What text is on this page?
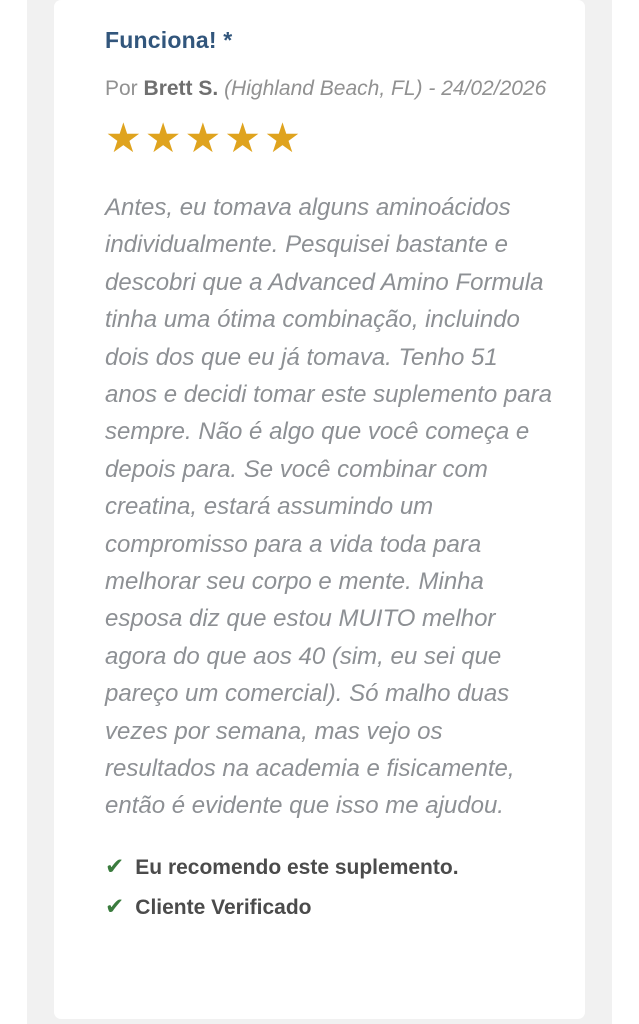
Funciona! *

Por Brett S. (Highland Beach, FL) - 24/02/2026

★★★★★

Antes, eu tomava alguns aminoácidos individualmente. Pesquisei bastante e descobri que a Advanced Amino Formula tinha uma ótima combinação, incluindo dois dos que eu já tomava. Tenho 51 anos e decidi tomar este suplemento para sempre. Não é algo que você começa e depois para. Se você combinar com creatina, estará assumindo um compromisso para a vida toda para melhorar seu corpo e mente. Minha esposa diz que estou MUITO melhor agora do que aos 40 (sim, eu sei que pareço um comercial). Só malho duas vezes por semana, mas vejo os resultados na academia e fisicamente, então é evidente que isso me ajudou.

✔ Eu recomendo este suplemento.
✔ Cliente Verificado
